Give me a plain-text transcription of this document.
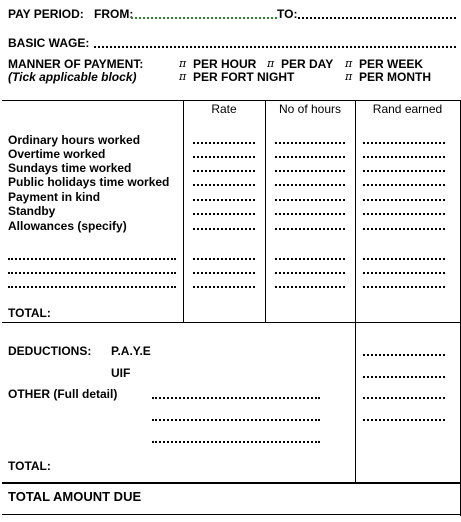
PAY PERIOD: FROM:	TO:
BASIC WAGE:
MANNER OF PAYMENT:
(Tick applicable block)
π PER HOUR π PER DAY π PER WEEK
π PER FORT NIGHT	π PER MONTH
Rate	No of hours	Rand earned
Ordinary hours worked
Overtime worked
Sundays time worked
Public holidays time worked
Payment in kind
Standby
Allowances (specify)
TOTAL:
DEDUCTIONS: P.A.Y.E
UIF
OTHER (Full detail)
TOTAL:
TOTAL AMOUNT DUE
